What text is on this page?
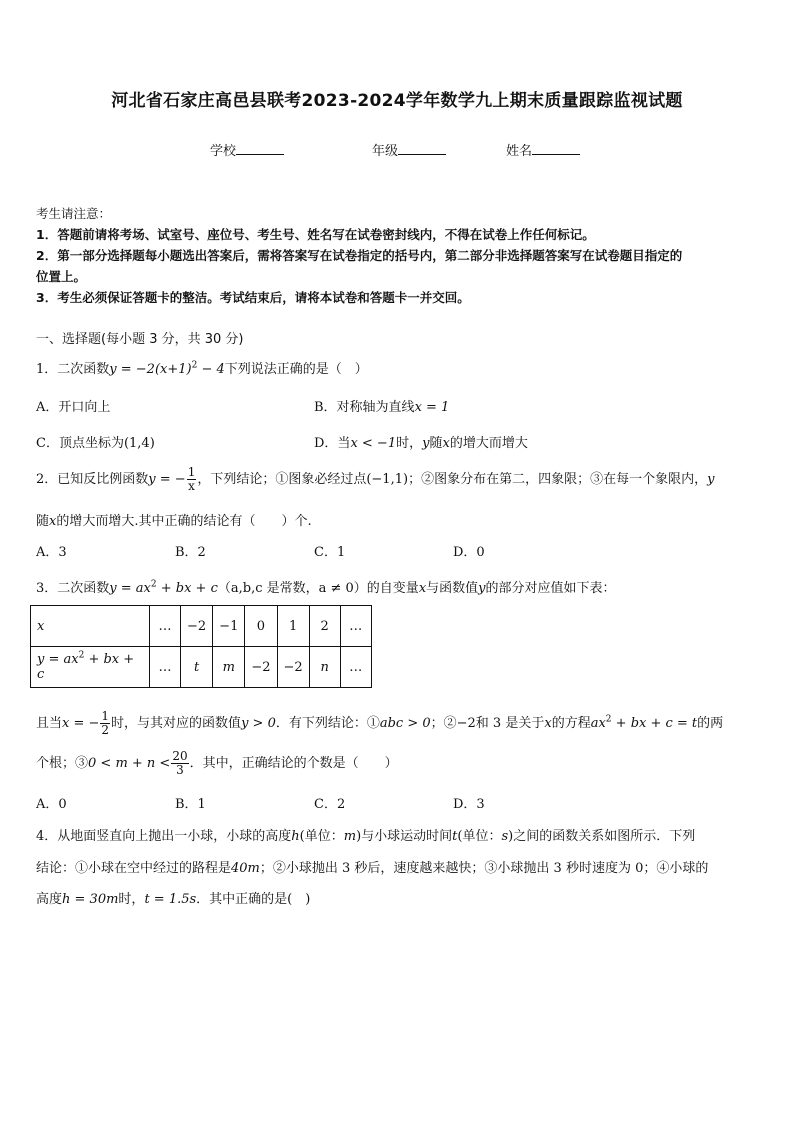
河北省石家庄高邑县联考2023-2024学年数学九上期末质量跟踪监视试题
学校	年级	姓名
考生请注意：
1．答题前请将考场、试室号、座位号、考生号、姓名写在试卷密封线内，不得在试卷上作任何标记。
2．第一部分选择题每小题选出答案后，需将答案写在试卷指定的括号内，第二部分非选择题答案写在试卷题目指定的
位置上。
3．考生必须保证答题卡的整洁。考试结束后，请将本试卷和答题卡一并交回。
一、选择题(每小题 3 分，共 30 分)
1．二次函数$y = -2(x+1)^2 - 4$下列说法正确的是（　）
A．开口向上	B．对称轴为直线x = 1
C．顶点坐标为(1,4)	D．当x < −1时，y随x的增大而增大
2．已知反比例函数y = − $\frac{1}{x}$ ，下列结论；①图象必经过点(−1,1)；②图象分布在第二，四象限；③在每一个象限内，y
随x的增大而增大.其中正确的结论有（　　）个.
A．3	B．2	C．1	D．0
3．二次函数$y = ax^2$ + bx + c（a,b,c 是常数，a ≠ 0）的自变量x与函数值y的部分对应值如下表：
x	…	−2	−1	0	1	2	…
$y = ax^2$ + bx + c	…	t	m	−2	−2	n	…
且当x = − $\frac{1}{2}$ 时，与其对应的函数值y > 0．有下列结论：①abc > 0；②−2和 3 是关于x的方程$ax^2$ + bx + c = t的两
个根；③0 < $m + n < \frac{20}{3}$ ．其中，正确结论的个数是（　　）
A．0	B．1	C．2	D．3
4．从地面竖直向上抛出一小球，小球的高度h(单位：m)与小球运动时间t(单位：s)之间的函数关系如图所示．下列
结论：①小球在空中经过的路程是40m；②小球抛出 3 秒后，速度越来越快；③小球抛出 3 秒时速度为 0；④小球的
高度h = 30m时，t = 1.5s．其中正确的是(　)
